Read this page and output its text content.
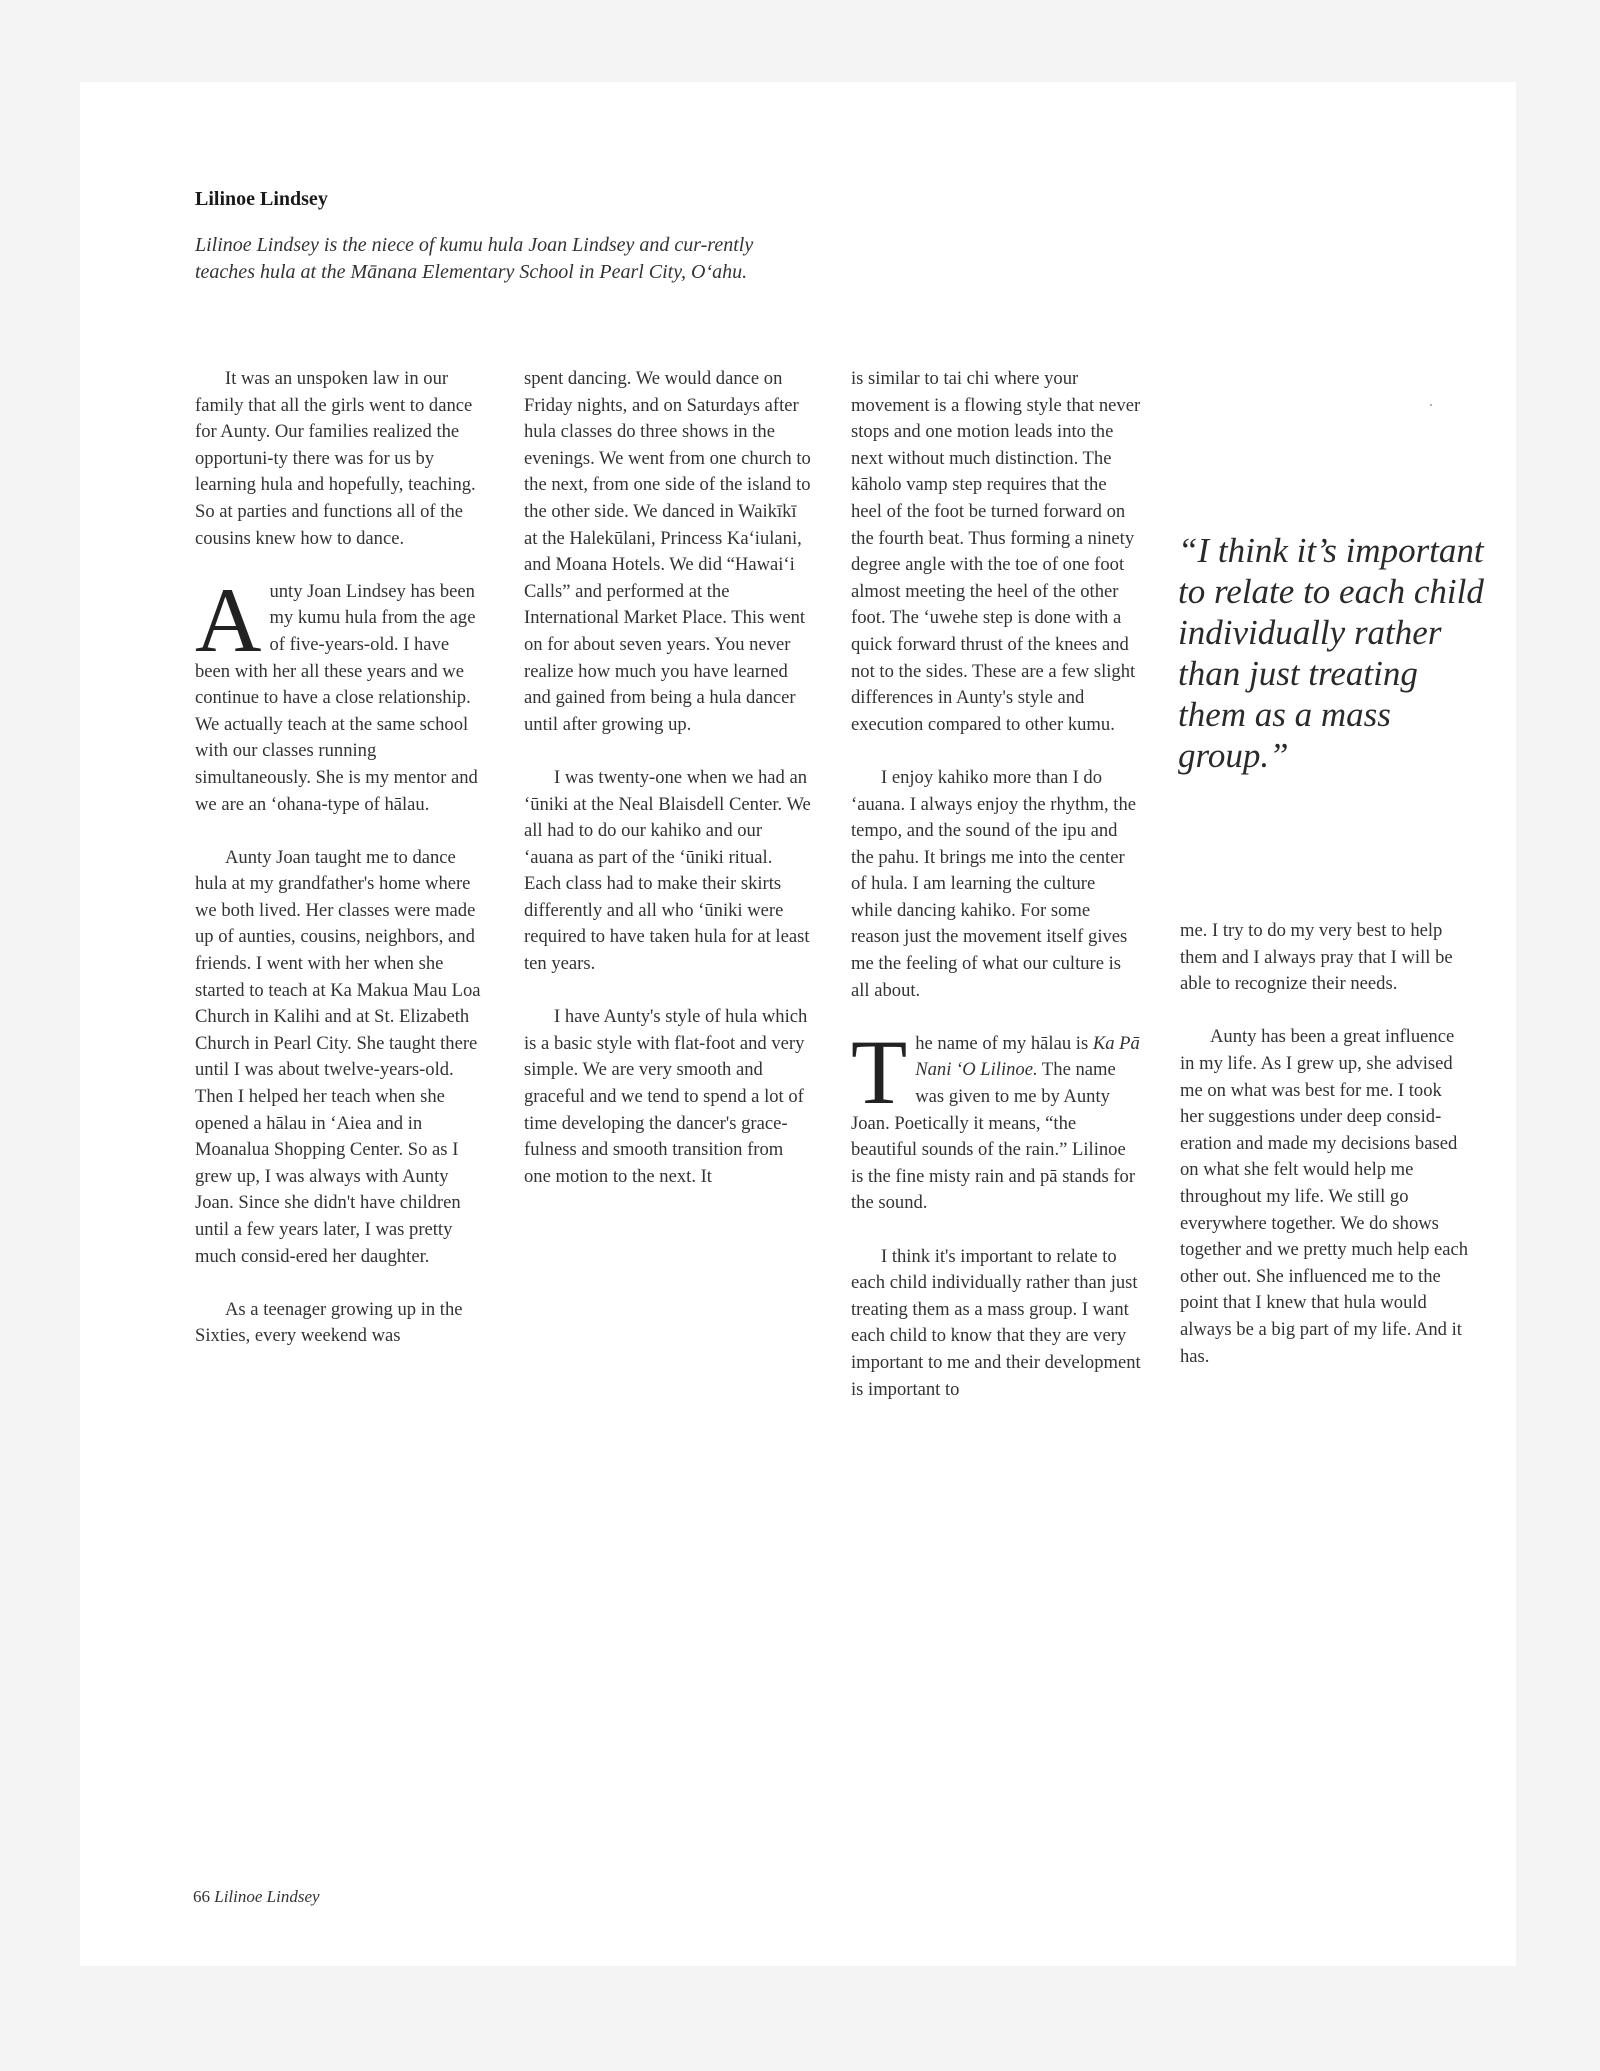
Lilinoe Lindsey
Lilinoe Lindsey is the niece of kumu hula Joan Lindsey and cur-rently teaches hula at the Mānana Elementary School in Pearl City, Oʻahu.

It was an unspoken law in our family that all the girls went to dance for Aunty. Our families realized the opportuni-ty there was for us by learning hula and hopefully, teaching. So at parties and functions all of the cousins knew how to dance.

Aunty Joan Lindsey has been my kumu hula from the age of five-years-old. I have been with her all these years and we continue to have a close relationship. We actually teach at the same school with our classes running simultaneously. She is my mentor and we are an ʻohana-type of hālau.

Aunty Joan taught me to dance hula at my grandfather's home where we both lived. Her classes were made up of aunties, cousins, neighbors, and friends. I went with her when she started to teach at Ka Makua Mau Loa Church in Kalihi and at St. Elizabeth Church in Pearl City. She taught there until I was about twelve-years-old. Then I helped her teach when she opened a hālau in ʻAiea and in Moanalua Shopping Center. So as I grew up, I was always with Aunty Joan. Since she didn't have children until a few years later, I was pretty much consid-ered her daughter.

As a teenager growing up in the Sixties, every weekend was

spent dancing. We would dance on Friday nights, and on Saturdays after hula classes do three shows in the evenings. We went from one church to the next, from one side of the island to the other side. We danced in Waikīkī at the Halekūlani, Princess Kaʻiulani, and Moana Hotels. We did “Hawaiʻi Calls” and performed at the International Market Place. This went on for about seven years. You never realize how much you have learned and gained from being a hula dancer until after growing up.

I was twenty-one when we had an ʻūniki at the Neal Blaisdell Center. We all had to do our kahiko and our ʻauana as part of the ʻūniki ritual. Each class had to make their skirts differently and all who ʻūniki were required to have taken hula for at least ten years.

I have Aunty's style of hula which is a basic style with flat-foot and very simple. We are very smooth and graceful and we tend to spend a lot of time developing the dancer's grace-fulness and smooth transition from one motion to the next. It

is similar to tai chi where your movement is a flowing style that never stops and one motion leads into the next without much distinction. The kāholo vamp step requires that the heel of the foot be turned forward on the fourth beat. Thus forming a ninety degree angle with the toe of one foot almost meeting the heel of the other foot. The ʻuwehe step is done with a quick forward thrust of the knees and not to the sides. These are a few slight differences in Aunty's style and execution compared to other kumu.

I enjoy kahiko more than I do ʻauana. I always enjoy the rhythm, the tempo, and the sound of the ipu and the pahu. It brings me into the center of hula. I am learning the culture while dancing kahiko. For some reason just the movement itself gives me the feeling of what our culture is all about.

The name of my hālau is Ka Pā Nani ʻO Lilinoe. The name was given to me by Aunty Joan. Poetically it means, “the beautiful sounds of the rain.” Lilinoe is the fine misty rain and pā stands for the sound.

I think it's important to relate to each child individually rather than just treating them as a mass group. I want each child to know that they are very important to me and their development is important to

“I think it’s important to relate to each child individually rather than just treating them as a mass group.”

me. I try to do my very best to help them and I always pray that I will be able to recognize their needs.

Aunty has been a great influence in my life. As I grew up, she advised me on what was best for me. I took her suggestions under deep consid-eration and made my decisions based on what she felt would help me throughout my life. We still go everywhere together. We do shows together and we pretty much help each other out. She influenced me to the point that I knew that hula would always be a big part of my life. And it has.

66 Lilinoe Lindsey
